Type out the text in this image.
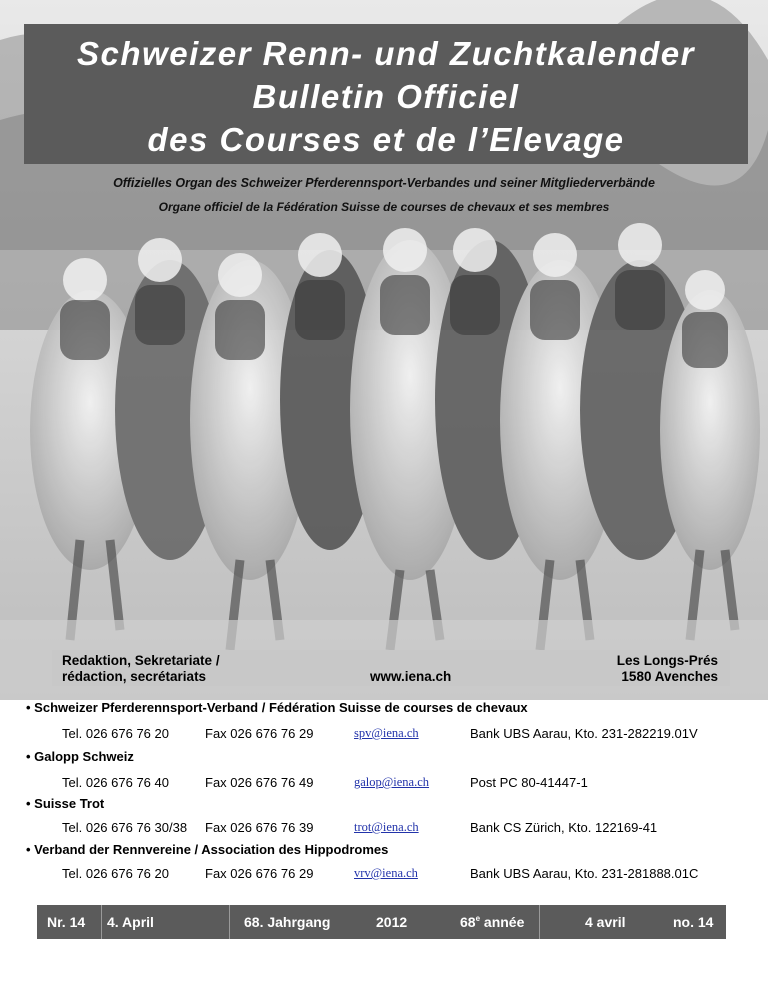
Schweizer Renn- und Zuchtkalender
Bulletin Officiel
des Courses et de l’Elevage
Offizielles Organ des Schweizer Pferderennsport-Verbandes und seiner Mitgliederverbände
Organe officiel de la Fédération Suisse de courses de chevaux et ses membres
Redaktion, Sekretariate /
rédaction, secrétariats	www.iena.ch
Les Longs-Prés
1580 Avenches
• Schweizer Pferderennsport-Verband / Fédération Suisse de courses de chevaux
Tel. 026 676 76 20	Fax 026 676 76 29	spv@iena.ch	Bank UBS Aarau, Kto. 231-282219.01V
• Galopp Schweiz
Tel. 026 676 76 40	Fax 026 676 76 49	galop@iena.ch	Post PC 80-41447-1
• Suisse Trot
Tel. 026 676 76 30/38 Fax 026 676 76 39	trot@iena.ch	Bank CS Zürich, Kto. 122169-41
• Verband der Rennvereine / Association des Hippodromes
Tel. 026 676 76 20	Fax 026 676 76 29	vrv@iena.ch	Bank UBS Aarau, Kto. 231-281888.01C
Nr. 14 4. April	68. Jahrgang	2012	68e année	4 avril	no. 14
